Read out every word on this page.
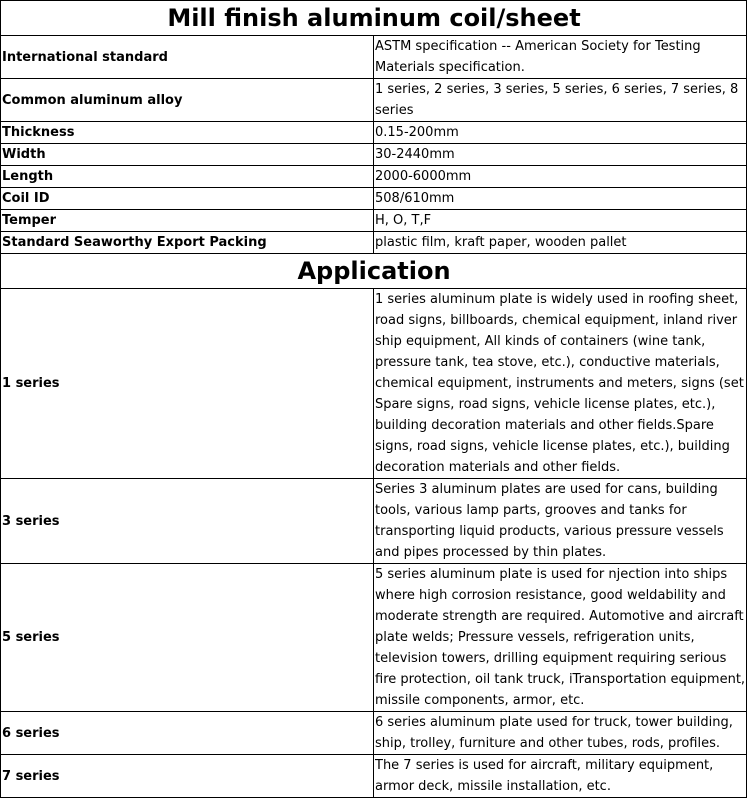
Mill finish aluminum coil/sheet	
International standard	ASTM specification -- American Society for Testing Materials specification.
Common aluminum alloy	1 series, 2 series, 3 series, 5 series, 6 series, 7 series, 8 series
Thickness	0.15-200mm
Width	30-2440mm
Length	2000-6000mm
Coil ID	508/610mm
Temper	H, O, T,F
Standard Seaworthy Export Packing	plastic film, kraft paper, wooden pallet
Application	
1 series	1 series aluminum plate is widely used in roofing sheet, road signs, billboards, chemical equipment, inland river ship equipment, All kinds of containers (wine tank, pressure tank, tea stove, etc.), conductive materials, chemical equipment, instruments and meters, signs (set Spare signs, road signs, vehicle license plates, etc.), building decoration materials and other fields.Spare signs, road signs, vehicle license plates, etc.), building decoration materials and other fields.
3 series	Series 3 aluminum plates are used for cans, building tools, various lamp parts, grooves and tanks for transporting liquid products, various pressure vessels and pipes processed by thin plates.
5 series	5 series aluminum plate is used for njection into ships where high corrosion resistance, good weldability and moderate strength are required. Automotive and aircraft plate welds; Pressure vessels, refrigeration units, television towers, drilling equipment requiring serious fire protection, oil tank truck, iTransportation equipment, missile components, armor, etc.
6 series	6 series aluminum plate used for truck, tower building, ship, trolley, furniture and other tubes, rods, profiles.
7 series	The 7 series is used for aircraft, military equipment, armor deck, missile installation, etc.
